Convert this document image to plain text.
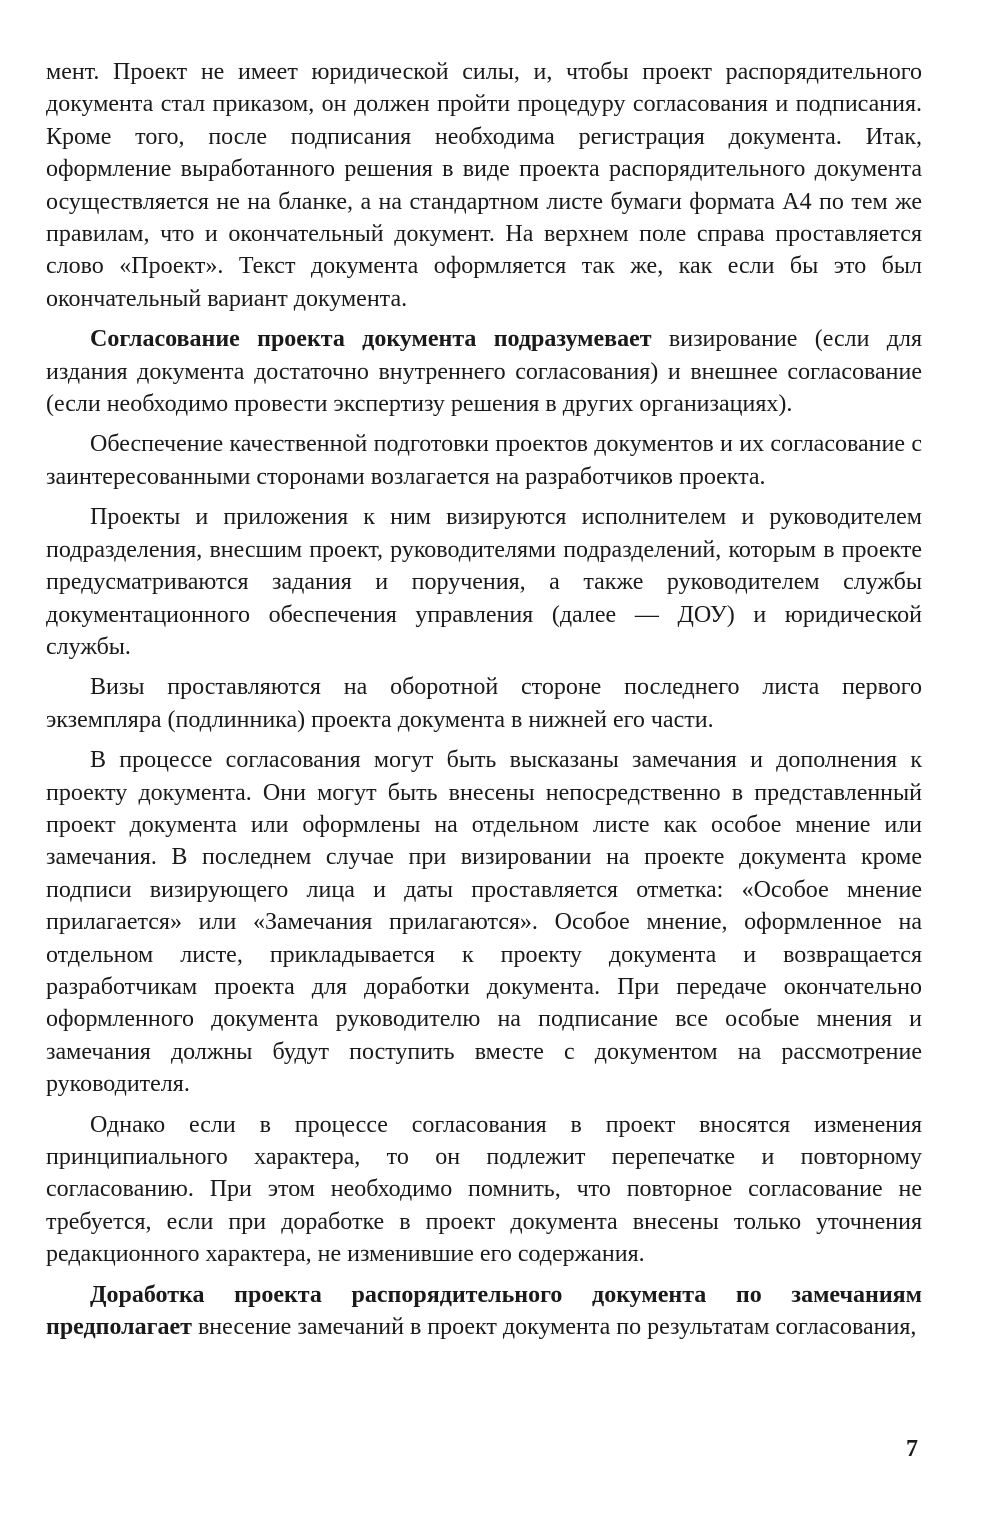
мент. Проект не имеет юридической силы, и, чтобы проект распорядительного документа стал приказом, он должен пройти процедуру согласования и подписания. Кроме того, после подписания необходима регистрация документа. Итак, оформление выработанного решения в виде проекта распорядительного документа осуществляется не на бланке, а на стандартном листе бумаги формата А4 по тем же правилам, что и окончательный документ. На верхнем поле справа проставляется слово «Проект». Текст документа оформляется так же, как если бы это был окончательный вариант документа.

Согласование проекта документа подразумевает визирование (если для издания документа достаточно внутреннего согласования) и внешнее согласование (если необходимо провести экспертизу решения в других организациях).

Обеспечение качественной подготовки проектов документов и их согласование с заинтересованными сторонами возлагается на разработчиков проекта.

Проекты и приложения к ним визируются исполнителем и руководителем подразделения, внесшим проект, руководителями подразделений, которым в проекте предусматриваются задания и поручения, а также руководителем службы документационного обеспечения управления (далее — ДОУ) и юридической службы.

Визы проставляются на оборотной стороне последнего листа первого экземпляра (подлинника) проекта документа в нижней его части.

В процессе согласования могут быть высказаны замечания и дополнения к проекту документа. Они могут быть внесены непосредственно в представленный проект документа или оформлены на отдельном листе как особое мнение или замечания. В последнем случае при визировании на проекте документа кроме подписи визирующего лица и даты проставляется отметка: «Особое мнение прилагается» или «Замечания прилагаются». Особое мнение, оформленное на отдельном листе, прикладывается к проекту документа и возвращается разработчикам проекта для доработки документа. При передаче окончательно оформленного документа руководителю на подписание все особые мнения и замечания должны будут поступить вместе с документом на рассмотрение руководителя.

Однако если в процессе согласования в проект вносятся изменения принципиального характера, то он подлежит перепечатке и повторному согласованию. При этом необходимо помнить, что повторное согласование не требуется, если при доработке в проект документа внесены только уточнения редакционного характера, не изменившие его содержания.

Доработка проекта распорядительного документа по замечаниям предполагает внесение замечаний в проект документа по результатам согласования,

7
